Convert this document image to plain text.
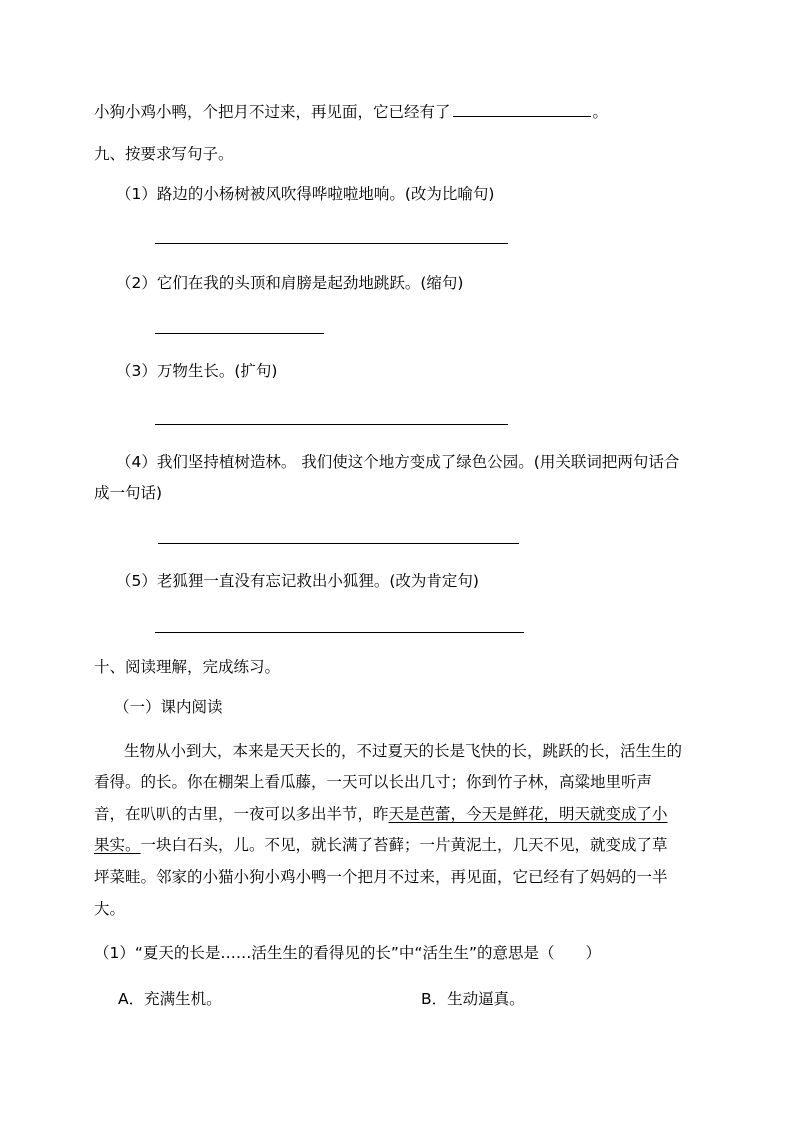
小狗小鸡小鸭，个把月不过来，再见面，它已经有了	。
九、按要求写句子。
（1）路边的小杨树被风吹得哗啦啦地响。(改为比喻句)
（2）它们在我的头顶和肩膀是起劲地跳跃。(缩句)
（3）万物生长。(扩句)
（4）我们坚持植树造林。 我们使这个地方变成了绿色公园。(用关联词把两句话合
成一句话)
（5）老狐狸一直没有忘记救出小狐狸。(改为肯定句)
十、阅读理解，完成练习。
（一）课内阅读
生物从小到大，本来是天天长的，不过夏天的长是飞快的长，跳跃的长，活生生的
看得。的长。你在棚架上看瓜藤，一天可以长出几寸；你到竹子林，高粱地里听声
音，在叭叭的古里，一夜可以多出半节，昨天是芭蕾，今天是鲜花，明天就变成了小
果实。一块白石头，儿。不见，就长满了苔藓；一片黄泥土，几天不见，就变成了草
坪菜畦。邻家的小猫小狗小鸡小鸭一个把月不过来，再见面，它已经有了妈妈的一半
大。
（1）“夏天的长是……活生生的看得见的长”中“活生生”的意思是（　　）
A．充满生机。	B．生动逼真。
